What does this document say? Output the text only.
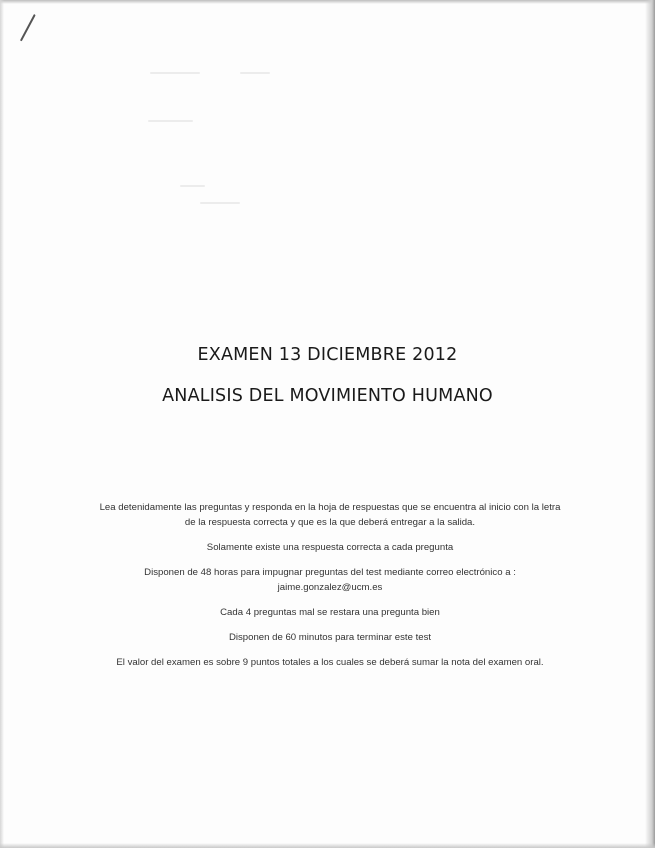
EXAMEN 13 DICIEMBRE 2012
ANALISIS DEL MOVIMIENTO HUMANO

Lea detenidamente las preguntas y responda en la hoja de respuestas que se encuentra al inicio con la letra de la respuesta correcta y que es la que deberá entregar a la salida.

Solamente existe una respuesta correcta a cada pregunta

Disponen de 48 horas para impugnar preguntas del test mediante correo electrónico a : jaime.gonzalez@ucm.es

Cada 4 preguntas mal se restara una pregunta bien

Disponen de 60 minutos para terminar este test

El valor del examen es sobre 9 puntos totales a los cuales se deberá sumar la nota del examen oral.
